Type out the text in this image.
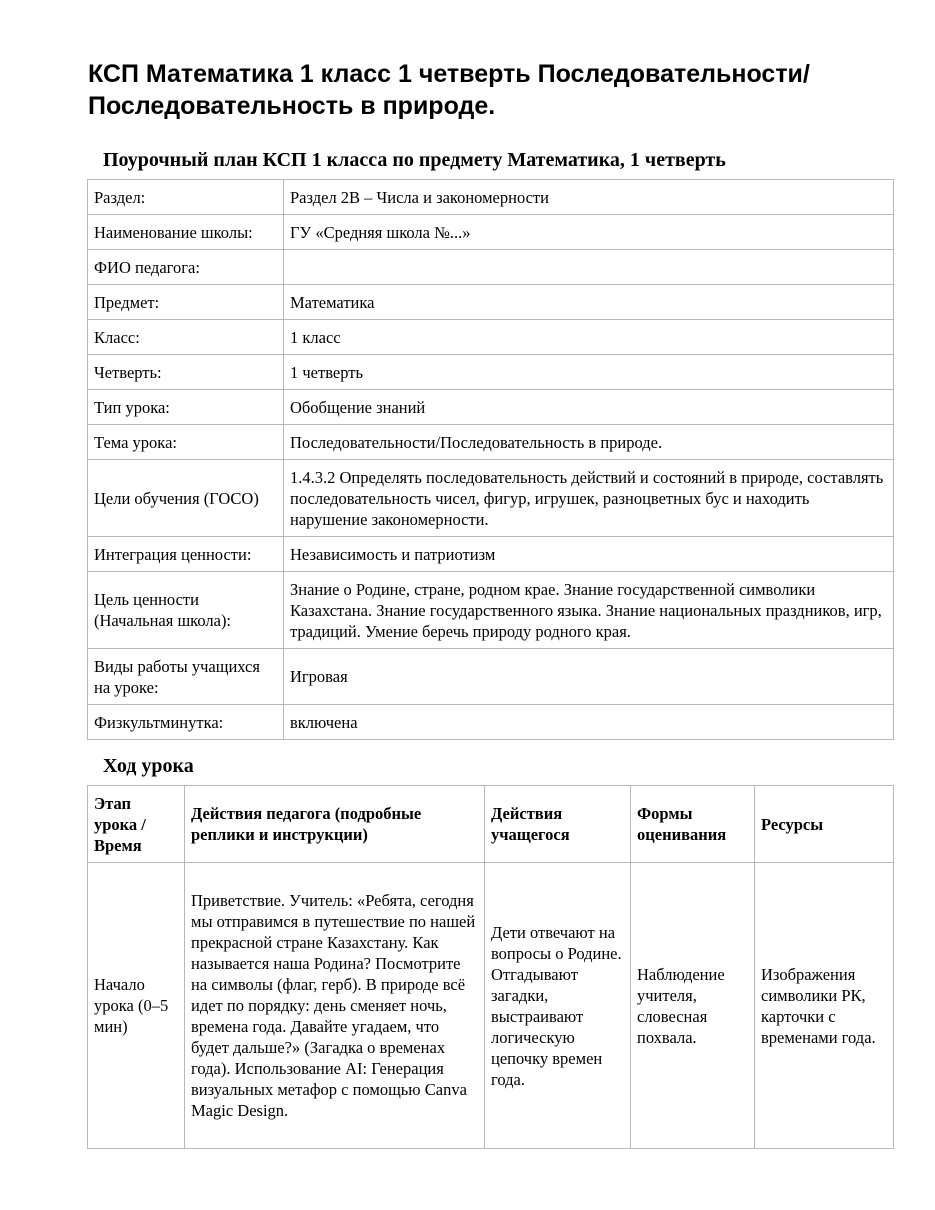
КСП Математика 1 класс 1 четверть Последовательности/ Последовательность в природе.
Поурочный план КСП 1 класса по предмету Математика, 1 четверть
Раздел:	Раздел 2В – Числа и закономерности
Наименование школы:	ГУ «Средняя школа №...»
ФИО педагога:	
Предмет:	Математика
Класс:	1 класс
Четверть:	1 четверть
Тип урока:	Обобщение знаний
Тема урока:	Последовательности/Последовательность в природе.
Цели обучения (ГОСО)	1.4.3.2 Определять последовательность действий и состояний в природе, составлять последовательность чисел, фигур, игрушек, разноцветных бус и находить нарушение закономерности.
Интеграция ценности:	Независимость и патриотизм
Цель ценности (Начальная школа):	Знание о Родине, стране, родном крае. Знание государственной символики Казахстана. Знание государственного языка. Знание национальных праздников, игр, традиций. Умение беречь природу родного края.
Виды работы учащихся на уроке:	Игровая
Физкультминутка:	включена
Ход урока
Этап урока / Время	Действия педагога (подробные реплики и инструкции)	Действия учащегося	Формы оценивания	Ресурсы
Начало урока (0–5 мин)	Приветствие. Учитель: «Ребята, сегодня мы отправимся в путешествие по нашей прекрасной стране Казахстану. Как называется наша Родина? Посмотрите на символы (флаг, герб). В природе всё идет по порядку: день сменяет ночь, времена года. Давайте угадаем, что будет дальше?» (Загадка о временах года). Использование AI: Генерация визуальных метафор с помощью Canva Magic Design.	Дети отвечают на вопросы о Родине. Отгадывают загадки, выстраивают логическую цепочку времен года.	Наблюдение учителя, словесная похвала.	Изображения символики РК, карточки с временами года.
